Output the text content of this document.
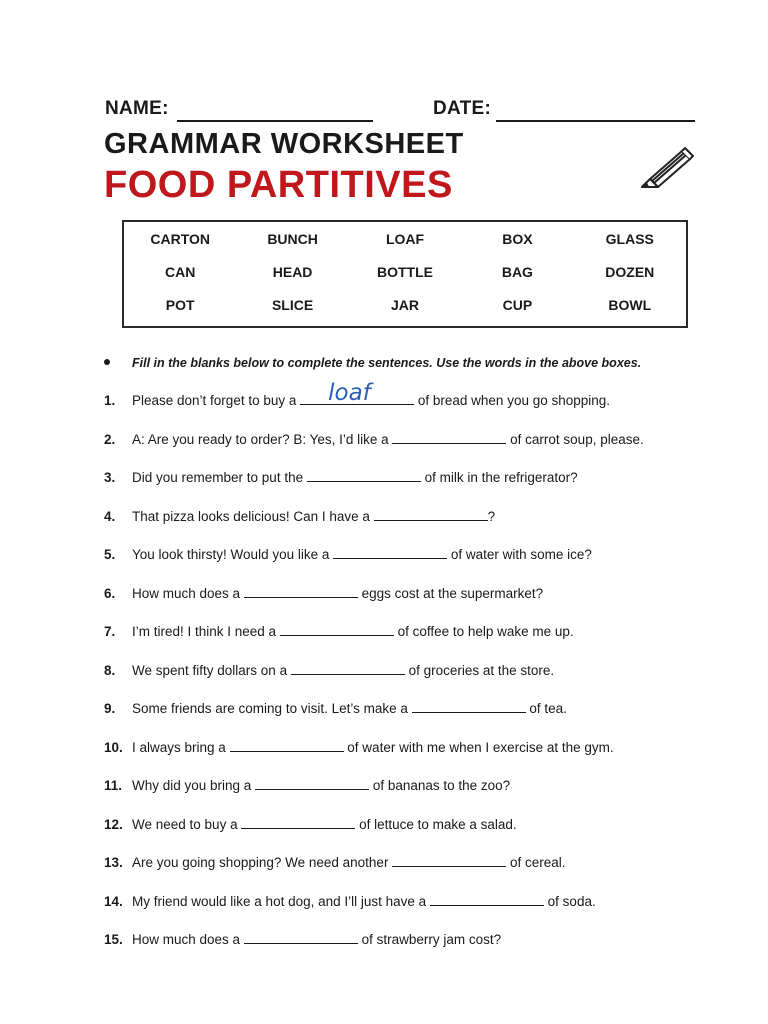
NAME:	DATE:
GRAMMAR WORKSHEET
FOOD PARTITIVES
CARTON	BUNCH	LOAF	BOX	GLASS
CAN	HEAD	BOTTLE	BAG	DOZEN
POT	SLICE	JAR	CUP	BOWL
Fill in the blanks below to complete the sentences. Use the words in the above boxes.
1. Please don’t forget to buy a loaf	of bread when you go shopping.
2. A: Are you ready to order? B: Yes, I’d like a	of carrot soup, please.
3. Did you remember to put the	of milk in the refrigerator?
4. That pizza looks delicious! Can I have a	?
5. You look thirsty! Would you like a	of water with some ice?
6. How much does a	eggs cost at the supermarket?
7. I’m tired! I think I need a	of coffee to help wake me up.
8. We spent fifty dollars on a	of groceries at the store.
9. Some friends are coming to visit. Let’s make a	of tea.
10. I always bring a	of water with me when I exercise at the gym.
11. Why did you bring a	of bananas to the zoo?
12. We need to buy a	of lettuce to make a salad.
13. Are you going shopping? We need another	of cereal.
14. My friend would like a hot dog, and I’ll just have a	of soda.
15. How much does a	of strawberry jam cost?
